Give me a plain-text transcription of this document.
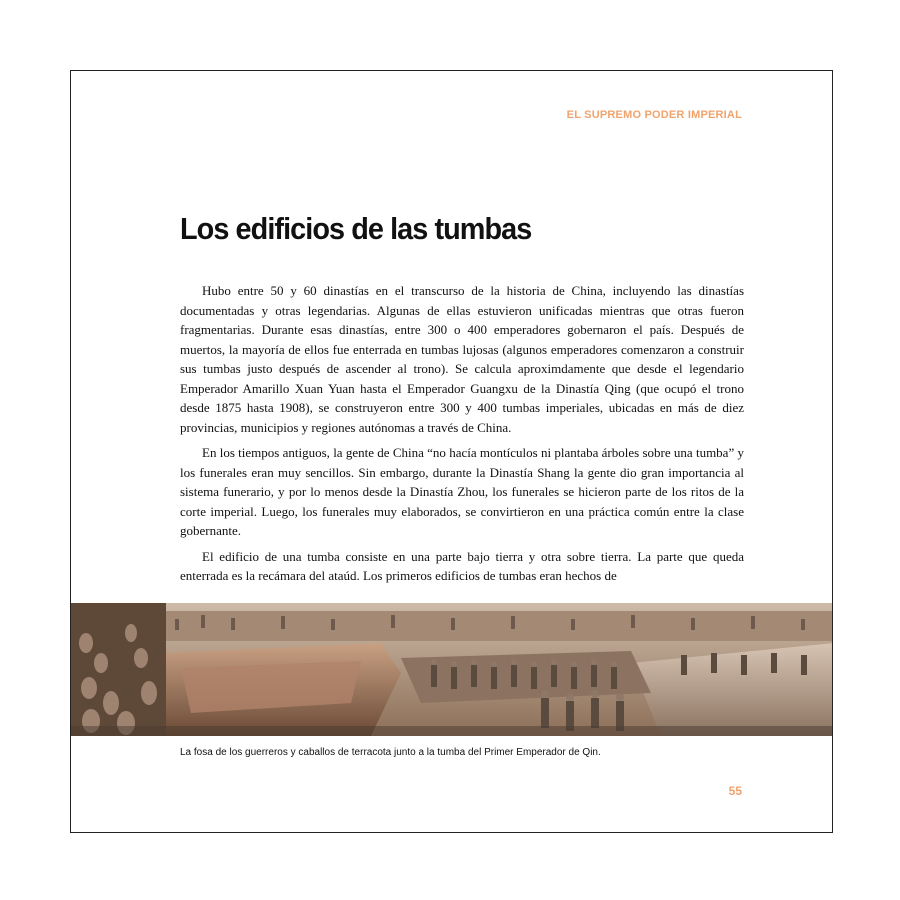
EL SUPREMO PODER IMPERIAL
Los edificios de las tumbas

Hubo entre 50 y 60 dinastías en el transcurso de la historia de China, incluyendo las dinastías documentadas y otras legendarias. Algunas de ellas estuvieron unificadas mientras que otras fueron fragmentarias. Durante esas dinastías, entre 300 o 400 emperadores gobernaron el país. Después de muertos, la mayoría de ellos fue enterrada en tumbas lujosas (algunos emperadores comenzaron a construir sus tumbas justo después de ascender al trono). Se calcula aproximdamente que desde el legendario Emperador Amarillo Xuan Yuan hasta el Emperador Guangxu de la Dinastía Qing (que ocupó el trono desde 1875 hasta 1908), se construyeron entre 300 y 400 tumbas imperiales, ubicadas en más de diez provincias, municipios y regiones autónomas a través de China.

En los tiempos antiguos, la gente de China “no hacía montículos ni plantaba árboles sobre una tumba” y los funerales eran muy sencillos. Sin embargo, durante la Dinastía Shang la gente dio gran importancia al sistema funerario, y por lo menos desde la Dinastía Zhou, los funerales se hicieron parte de los ritos de la corte imperial. Luego, los funerales muy elaborados, se convirtieron en una práctica común entre la clase gobernante.

El edificio de una tumba consiste en una parte bajo tierra y otra sobre tierra. La parte que queda enterrada es la recámara del ataúd. Los primeros edificios de tumbas eran hechos de

La fosa de los guerreros y caballos de terracota junto a la tumba del Primer Emperador de Qin.
55
